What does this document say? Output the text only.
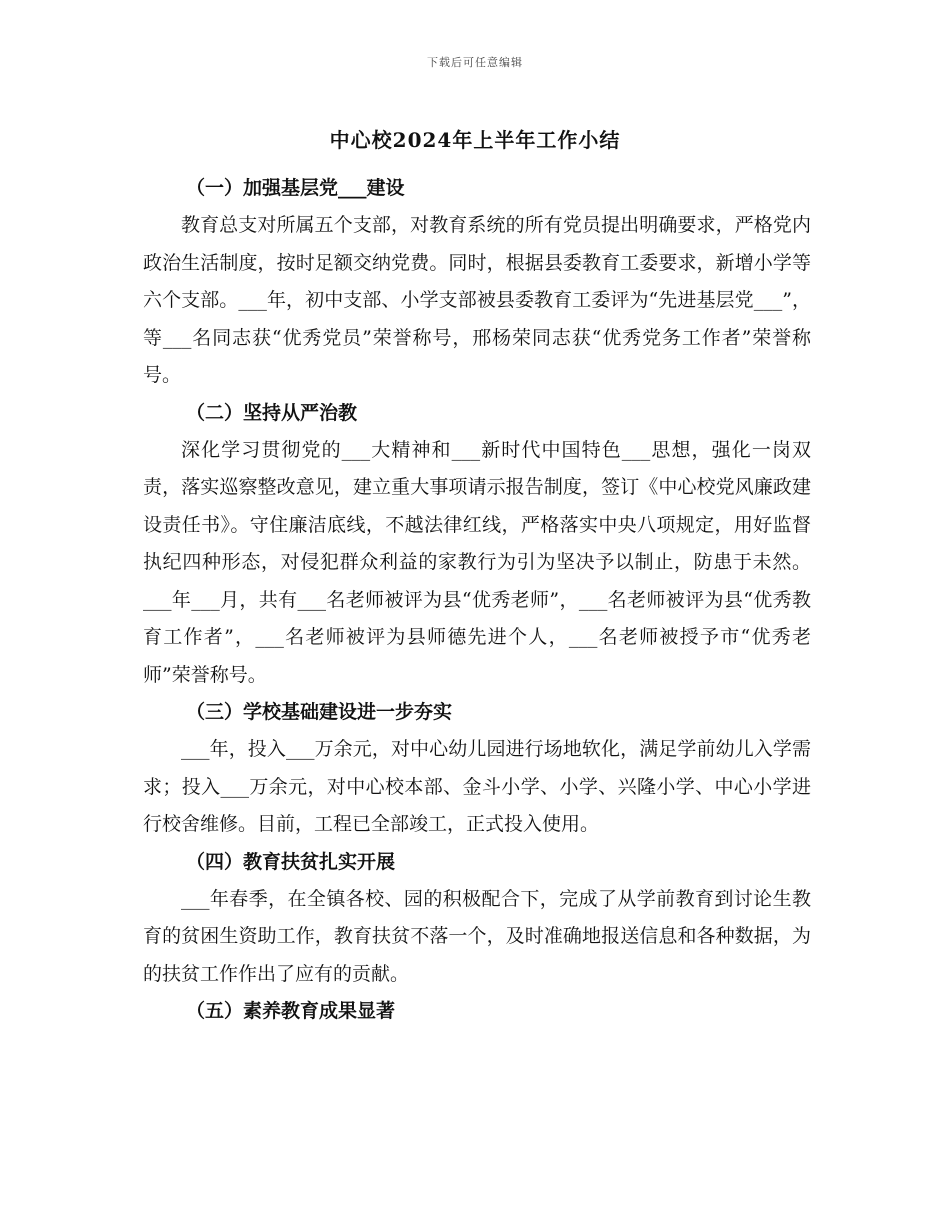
下载后可任意编辑
中心校2024年上半年工作小结
（一）加强基层党___建设

教育总支对所属五个支部，对教育系统的所有党员提出明确要求，严格党内政治生活制度，按时足额交纳党费。同时，根据县委教育工委要求，新增小学等六个支部。___年，初中支部、小学支部被县委教育工委评为“先进基层党___”，等___名同志获“优秀党员”荣誉称号，邢杨荣同志获“优秀党务工作者”荣誉称号。

（二）坚持从严治教

深化学习贯彻党的___大精神和___新时代中国特色___思想，强化一岗双责，落实巡察整改意见，建立重大事项请示报告制度，签订《中心校党风廉政建设责任书》。守住廉洁底线，不越法律红线，严格落实中央八项规定，用好监督执纪四种形态，对侵犯群众利益的家教行为引为坚决予以制止，防患于未然。___年___月，共有___名老师被评为县“优秀老师”，___名老师被评为县“优秀教育工作者”，___名老师被评为县师德先进个人，___名老师被授予市“优秀老师”荣誉称号。

（三）学校基础建设进一步夯实

___年，投入___万余元，对中心幼儿园进行场地软化，满足学前幼儿入学需求；投入___万余元，对中心校本部、金斗小学、小学、兴隆小学、中心小学进行校舍维修。目前，工程已全部竣工，正式投入使用。

（四）教育扶贫扎实开展

___年春季，在全镇各校、园的积极配合下，完成了从学前教育到讨论生教育的贫困生资助工作，教育扶贫不落一个，及时准确地报送信息和各种数据，为的扶贫工作作出了应有的贡献。

（五）素养教育成果显著
